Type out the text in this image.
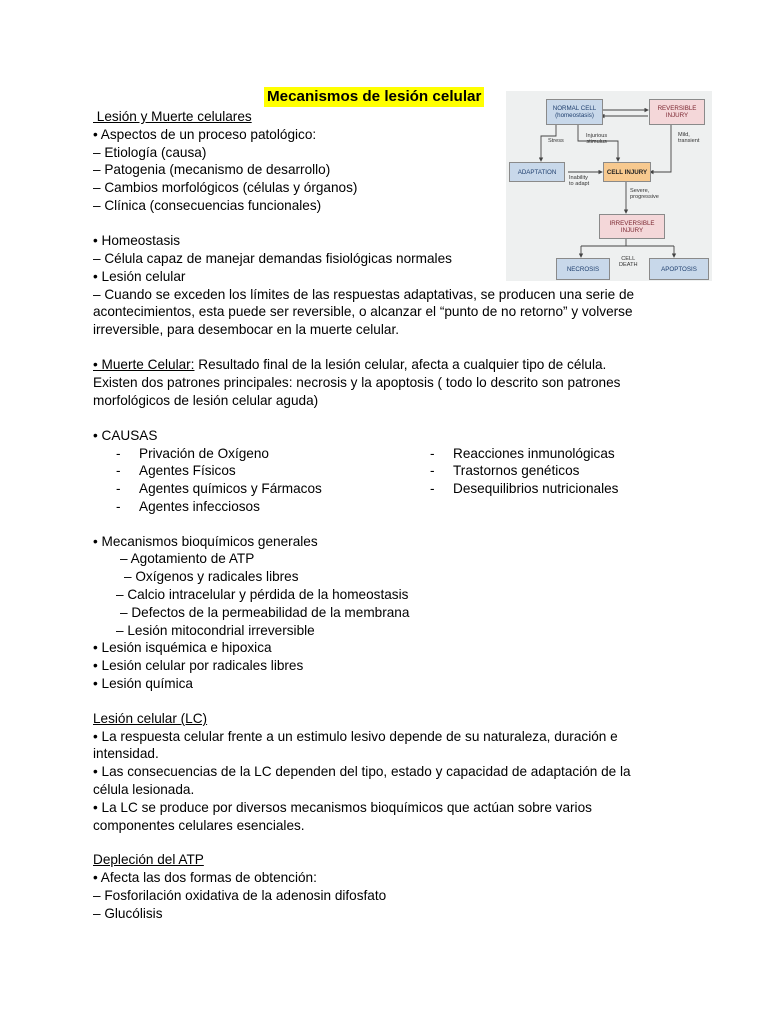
Mecanismos de lesión celular
NORMAL CELL
(homeostasis)
REVERSIBLE
INJURY
ADAPTATION	CELL INJURY
IRREVERSIBLE
INJURY
NECROSIS	APOPTOSIS
Stress
Injurious
stimulus
Inability
to adapt
Mild,
transient
Severe,
progressive
CELL
DEATH
Lesión y Muerte celulares
• Aspectos de un proceso patológico:
– Etiología (causa)
– Patogenia (mecanismo de desarrollo)
– Cambios morfológicos (células y órganos)
– Clínica (consecuencias funcionales)
• Homeostasis
– Célula capaz de manejar demandas fisiológicas normales
• Lesión celular
– Cuando se exceden los límites de las respuestas adaptativas, se producen una serie de
acontecimientos, esta puede ser reversible, o alcanzar el “punto de no retorno” y volverse
irreversible, para desembocar en la muerte celular.
• Muerte Celular: Resultado final de la lesión celular, afecta a cualquier tipo de célula.
Existen dos patrones principales: necrosis y la apoptosis ( todo lo descrito son patrones
morfológicos de lesión celular aguda)
• CAUSAS
- Privación de Oxígeno
- Agentes Físicos
- Agentes químicos y Fármacos
- Agentes infecciosos
- Reacciones inmunológicas
- Trastornos genéticos
- Desequilibrios nutricionales
• Mecanismos bioquímicos generales
– Agotamiento de ATP
– Oxígenos y radicales libres
– Calcio intracelular y pérdida de la homeostasis
– Defectos de la permeabilidad de la membrana
– Lesión mitocondrial irreversible
• Lesión isquémica e hipoxica
• Lesión celular por radicales libres
• Lesión química
Lesión celular (LC)
• La respuesta celular frente a un estimulo lesivo depende de su naturaleza, duración e
intensidad.
• Las consecuencias de la LC dependen del tipo, estado y capacidad de adaptación de la
célula lesionada.
• La LC se produce por diversos mecanismos bioquímicos que actúan sobre varios
componentes celulares esenciales.
Depleción del ATP
• Afecta las dos formas de obtención:
– Fosforilación oxidativa de la adenosin difosfato
– Glucólisis
